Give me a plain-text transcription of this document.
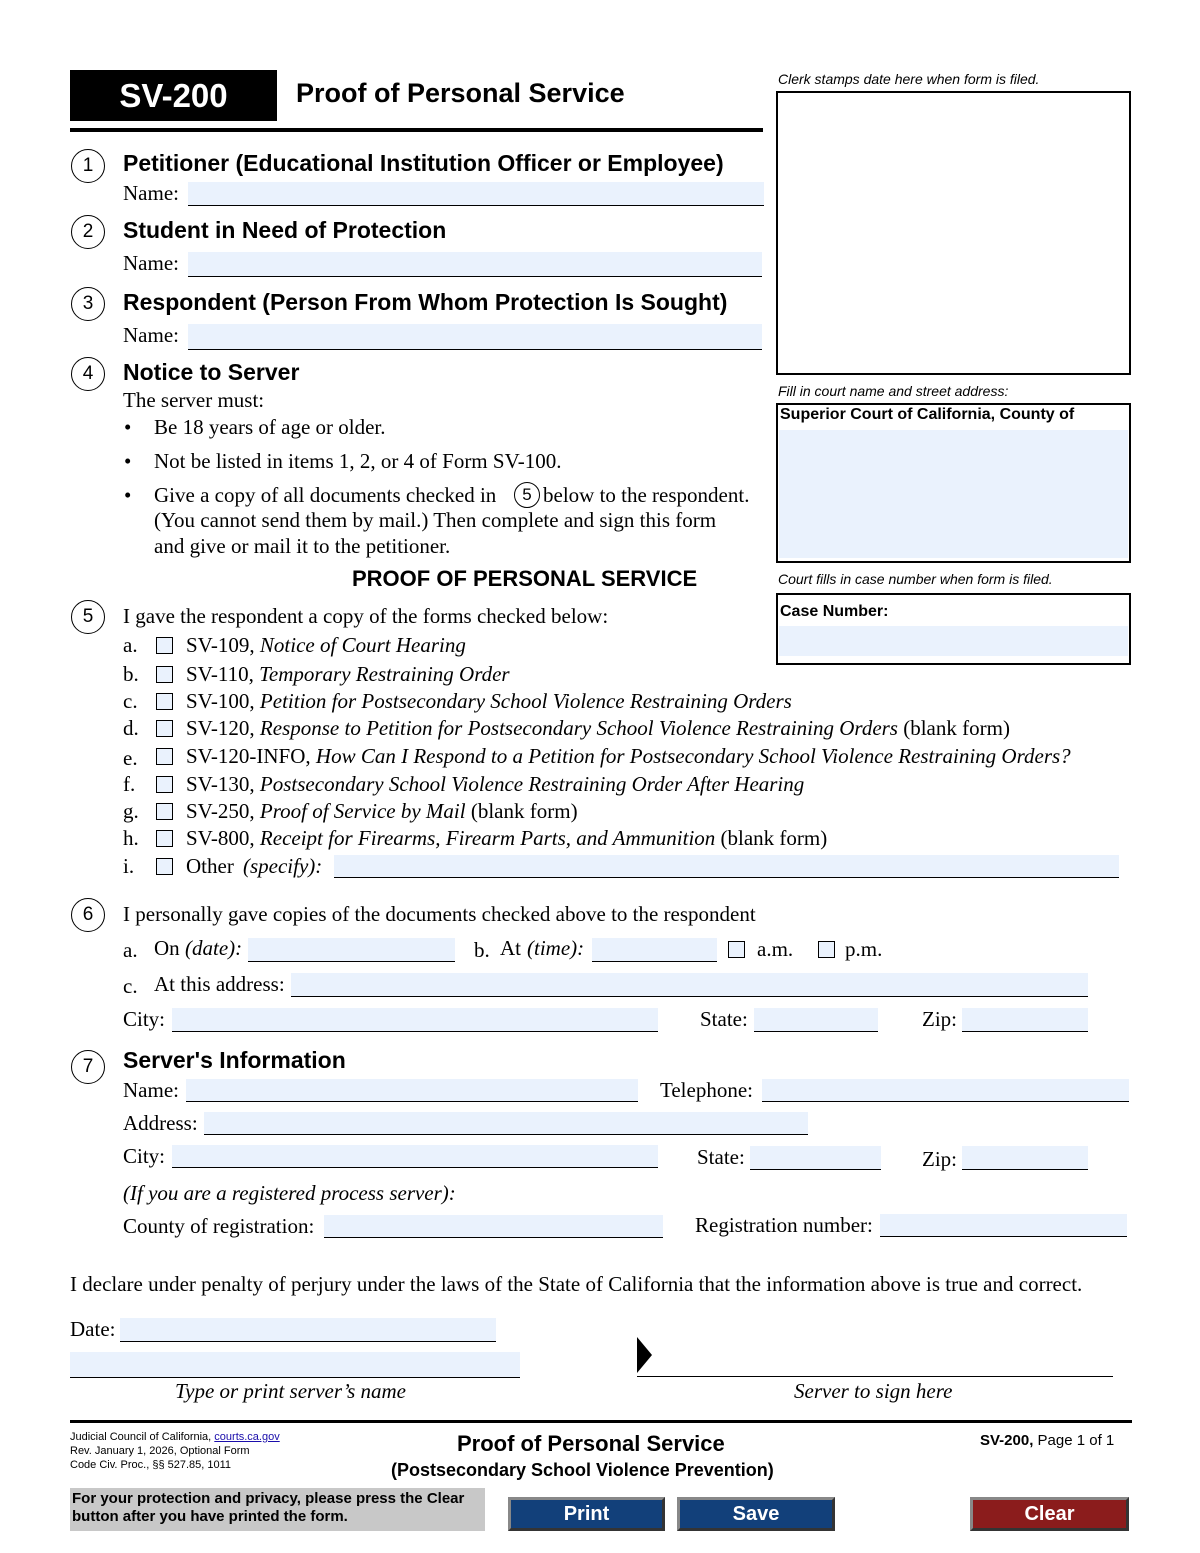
SV-200	Proof of Personal Service	Clerk stamps date here when form is filed.
Fill in court name and street address:
Superior Court of California, County of
Court fills in case number when form is filed.
Case Number:
1	Petitioner (Educational Institution Officer or Employee)
Name:
2	Student in Need of Protection
Name:
3	Respondent (Person From Whom Protection Is Sought)
Name:
4	Notice to Server
The server must:
• Be 18 years of age or older.
• Not be listed in items 1, 2, or 4 of Form SV-100.
• Give a copy of all documents checked in	5 below to the respondent.
(You cannot send them by mail.) Then complete and sign this form
and give or mail it to the petitioner.
PROOF OF PERSONAL SERVICE
5	I gave the respondent a copy of the forms checked below:
a. SV-109, Notice of Court Hearing
b. SV-110, Temporary Restraining Order
c. SV-100, Petition for Postsecondary School Violence Restraining Orders
d. SV-120, Response to Petition for Postsecondary School Violence Restraining Orders (blank form)
e. SV-120-INFO, How Can I Respond to a Petition for Postsecondary School Violence Restraining Orders?
f. SV-130, Postsecondary School Violence Restraining Order After Hearing
g. SV-250, Proof of Service by Mail (blank form)
h. SV-800, Receipt for Firearms, Firearm Parts, and Ammunition (blank form)
i. Other (specify):
6	I personally gave copies of the documents checked above to the respondent
a. On (date):	b. At (time):	a.m. p.m.
c. At this address:
City:	State:	Zip:
7	Server's Information
Name:	Telephone:
Address:
City:	State:	Zip:
(If you are a registered process server):
County of registration:	Registration number:
I declare under penalty of perjury under the laws of the State of California that the information above is true and correct.
Date:
Type or print server’s name	Server to sign here
Judicial Council of California, courts.ca.gov
Rev. January 1, 2026, Optional Form
Code Civ. Proc., §§ 527.85, 1011
Proof of Personal Service
(Postsecondary School Violence Prevention)
SV-200, Page 1 of 1
For your protection and privacy, please press the Clear button after you have printed the form.	Print	Save	Clear
